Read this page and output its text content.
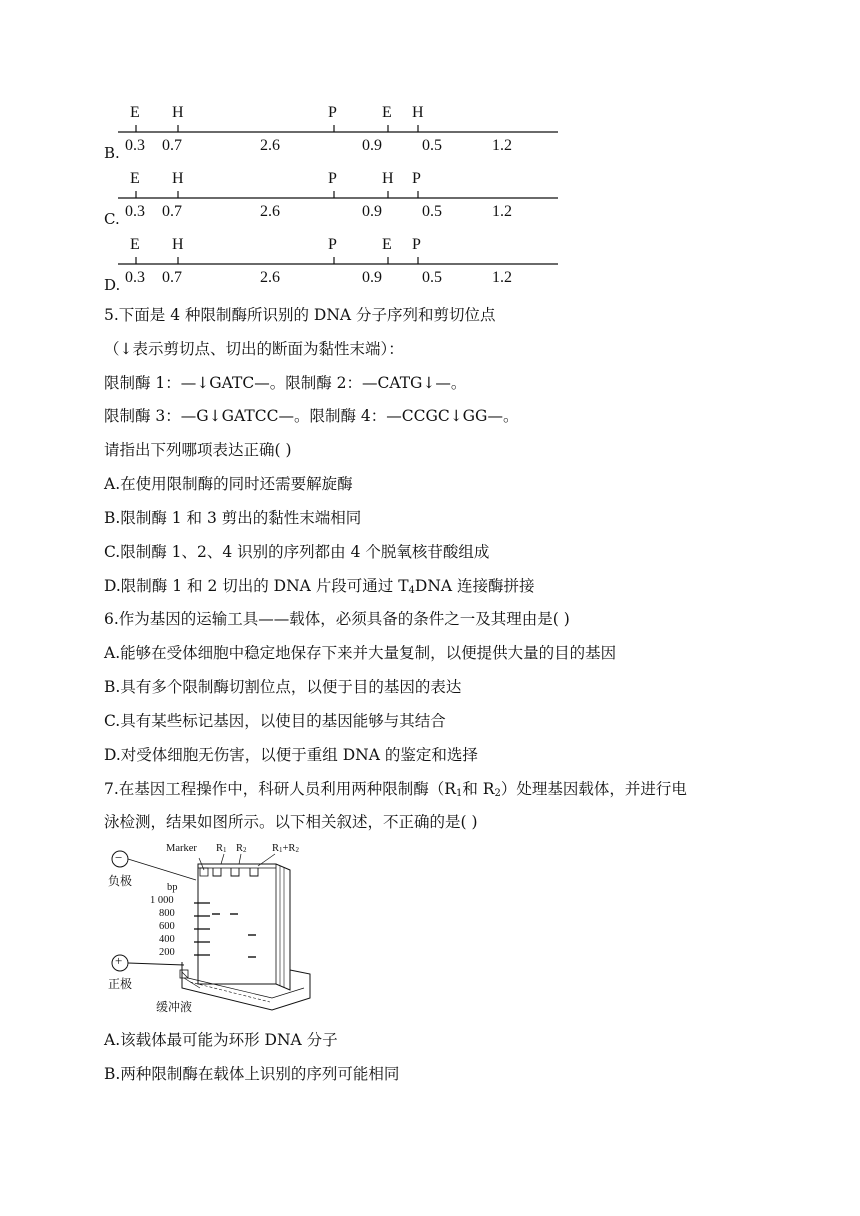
B.
E H	P	E H
0.3 0.7	2.6	0.9	0.5	1.2
C.
E H	P	H P
0.3 0.7	2.6	0.9	0.5	1.2
D.
E H	P	E P
0.3 0.7	2.6	0.9	0.5	1.2
5.下面是 4 种限制酶所识别的 DNA 分子序列和剪切位点
（↓表示剪切点、切出的断面为黏性末端）：
限制酶 1：—↓GATC—。限制酶 2：—CATG↓—。
限制酶 3：—G↓GATCC—。限制酶 4：—CCGC↓GG—。
请指出下列哪项表达正确( )
A.在使用限制酶的同时还需要解旋酶
B.限制酶 1 和 3 剪出的黏性末端相同
C.限制酶 1、2、4 识别的序列都由 4 个脱氧核苷酸组成
D.限制酶 1 和 2 切出的 DNA 片段可通过 $T_4DNA$ 连接酶拼接
6.作为基因的运输工具——载体，必须具备的条件之一及其理由是( )
A.能够在受体细胞中稳定地保存下来并大量复制，以便提供大量的目的基因
B.具有多个限制酶切割位点，以便于目的基因的表达
C.具有某些标记基因，以使目的基因能够与其结合
D.对受体细胞无伤害，以便于重组 DNA 的鉴定和选择
7.在基因工程操作中，科研人员利用两种限制酶（$R_1$和 $R_2$）处理基因载体，并进行电
泳检测，结果如图所示。以下相关叙述，不正确的是( )
−
负极
+
正极
缓冲液
Marker $R_1$ $R_2$ $R_1+R_2$
bp
1 000
800
600
400
200
A.该载体最可能为环形 DNA 分子
B.两种限制酶在载体上识别的序列可能相同
